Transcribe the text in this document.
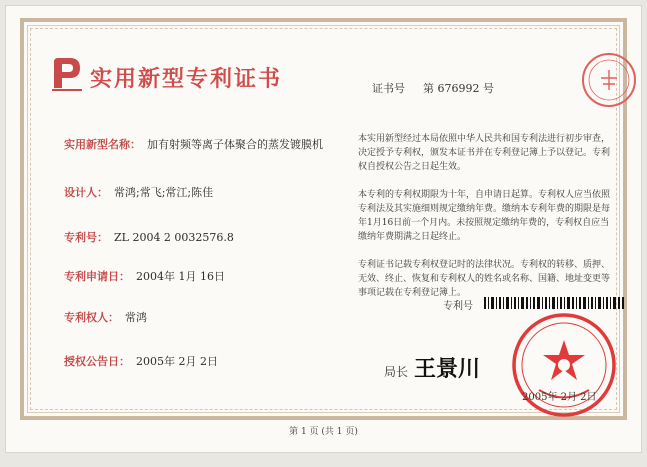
实用新型专利证书
实用新型名称： 加有射频等离子体聚合的蒸发镀膜机
设计人： 常鸿;常飞;常江;陈佳
专利号： ZL 2004 2 0032576.8
专利申请日： 2004年 1月 16日
专利权人： 常鸿
授权公告日： 2005年 2月 2日
证书号 第 676992 号
本实用新型经过本局依照中华人民共和国专利法进行初步审查，决定授予专利权，颁发本证书并在专利登记簿上予以登记。专利权自授权公告之日起生效。
本专利的专利权期限为十年，自申请日起算。专利权人应当依照专利法及其实施细则规定缴纳年费。缴纳本专利年费的期限是每年1月16日前一个月内。未按照规定缴纳年费的，专利权自应当缴纳年费期满之日起终止。
专利证书记载专利权登记时的法律状况。专利权的转移、质押、无效、终止、恢复和专利权人的姓名或名称、国籍、地址变更等事项记载在专利登记簿上。
专利号
局长 王景川
2005年 2月 2日
第 1 页 (共 1 页)
